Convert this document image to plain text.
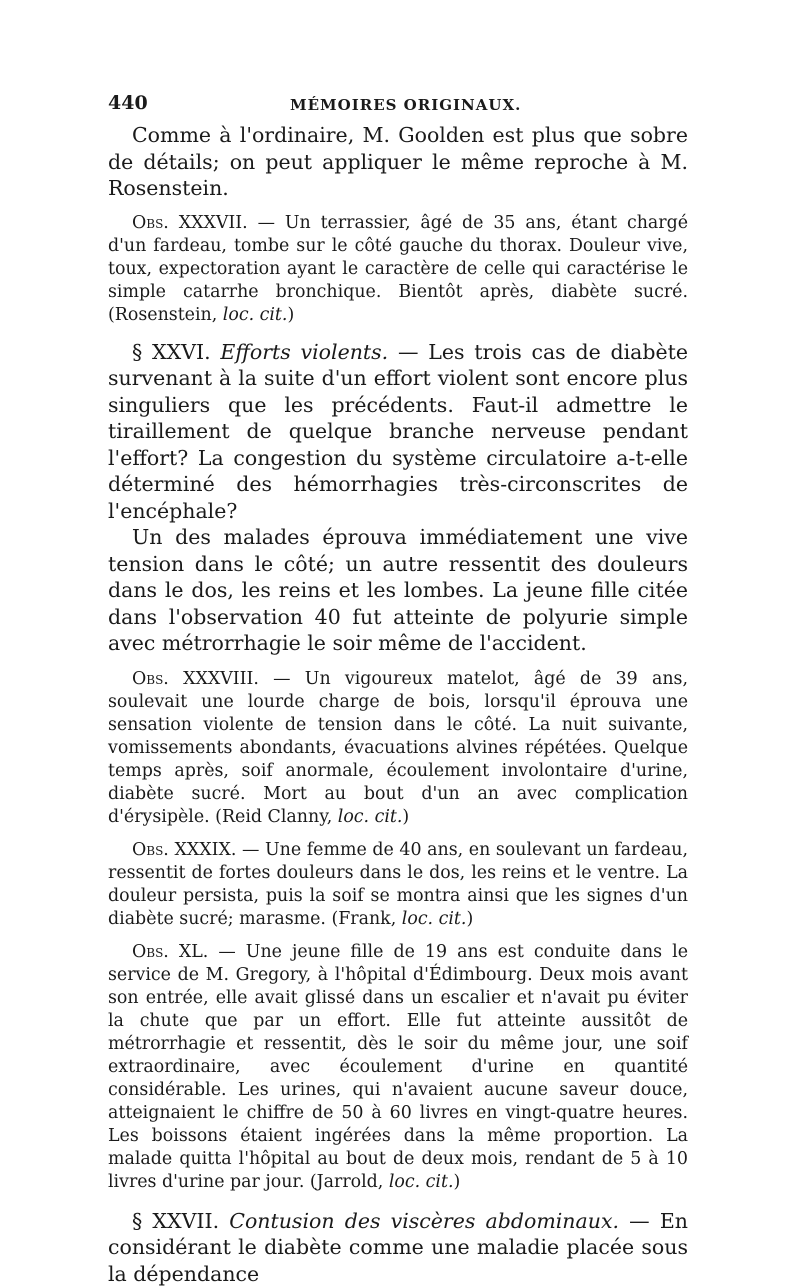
440	MÉMOIRES ORIGINAUX.

Comme à l'ordinaire, M. Goolden est plus que sobre de détails; on peut appliquer le même reproche à M. Rosenstein.

Obs. XXXVII. — Un terrassier, âgé de 35 ans, étant chargé d'un fardeau, tombe sur le côté gauche du thorax. Douleur vive, toux, expectoration ayant le caractère de celle qui caractérise le simple catarrhe bronchique. Bientôt après, diabète sucré. (Rosenstein, loc. cit.)

§ XXVI. Efforts violents. — Les trois cas de diabète survenant à la suite d'un effort violent sont encore plus singuliers que les précédents. Faut-il admettre le tiraillement de quelque branche nerveuse pendant l'effort? La congestion du système circulatoire a-t-elle déterminé des hémorrhagies très-circonscrites de l'encéphale?

Un des malades éprouva immédiatement une vive tension dans le côté; un autre ressentit des douleurs dans le dos, les reins et les lombes. La jeune fille citée dans l'observation 40 fut atteinte de polyurie simple avec métrorrhagie le soir même de l'accident.

Obs. XXXVIII. — Un vigoureux matelot, âgé de 39 ans, soulevait une lourde charge de bois, lorsqu'il éprouva une sensation violente de tension dans le côté. La nuit suivante, vomissements abondants, évacuations alvines répétées. Quelque temps après, soif anormale, écoulement involontaire d'urine, diabète sucré. Mort au bout d'un an avec complication d'érysipèle. (Reid Clanny, loc. cit.)

Obs. XXXIX. — Une femme de 40 ans, en soulevant un fardeau, ressentit de fortes douleurs dans le dos, les reins et le ventre. La douleur persista, puis la soif se montra ainsi que les signes d'un diabète sucré; marasme. (Frank, loc. cit.)

Obs. XL. — Une jeune fille de 19 ans est conduite dans le service de M. Gregory, à l'hôpital d'Édimbourg. Deux mois avant son entrée, elle avait glissé dans un escalier et n'avait pu éviter la chute que par un effort. Elle fut atteinte aussitôt de métrorrhagie et ressentit, dès le soir du même jour, une soif extraordinaire, avec écoulement d'urine en quantité considérable. Les urines, qui n'avaient aucune saveur douce, atteignaient le chiffre de 50 à 60 livres en vingt-quatre heures. Les boissons étaient ingérées dans la même proportion. La malade quitta l'hôpital au bout de deux mois, rendant de 5 à 10 livres d'urine par jour. (Jarrold, loc. cit.)

§ XXVII. Contusion des viscères abdominaux. — En considérant le diabète comme une maladie placée sous la dépendance
